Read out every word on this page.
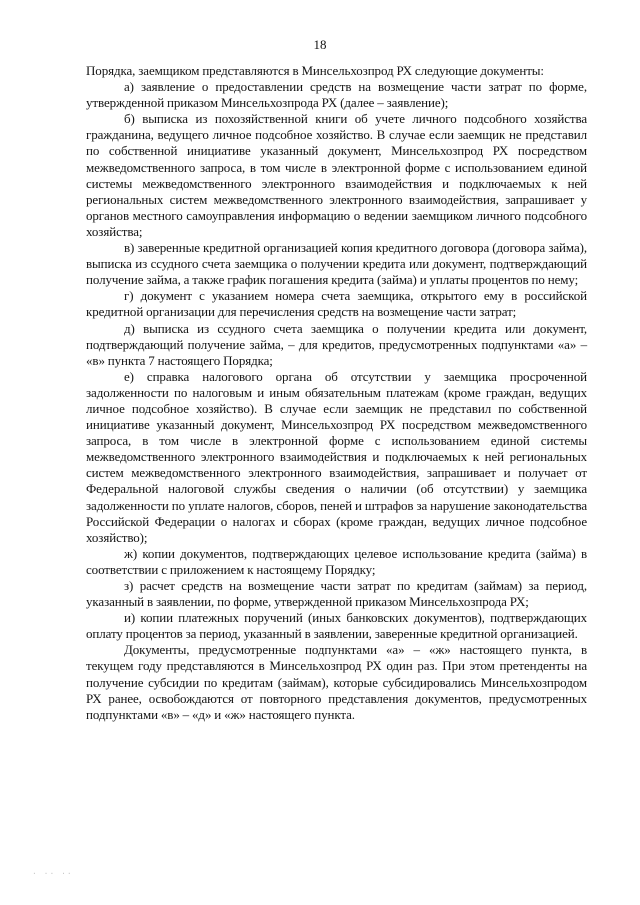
18

Порядка, заемщиком представляются в Минсельхозпрод РХ следующие документы:

а) заявление о предоставлении средств на возмещение части затрат по форме, утвержденной приказом Минсельхозпрода РХ (далее – заявление);

б) выписка из похозяйственной книги об учете личного подсобного хозяйства гражданина, ведущего личное подсобное хозяйство. В случае если заемщик не представил по собственной инициативе указанный документ, Минсельхозпрод РХ посредством межведомственного запроса, в том числе в электронной форме с использованием единой системы межведомственного электронного взаимодействия и подключаемых к ней региональных систем межведомственного электронного взаимодействия, запрашивает у органов местного самоуправления информацию о ведении заемщиком личного подсобного хозяйства;

в) заверенные кредитной организацией копия кредитного договора (договора займа), выписка из ссудного счета заемщика о получении кредита или документ, подтверждающий получение займа, а также график погашения кредита (займа) и уплаты процентов по нему;

г) документ с указанием номера счета заемщика, открытого ему в российской кредитной организации для перечисления средств на возмещение части затрат;

д) выписка из ссудного счета заемщика о получении кредита или документ, подтверждающий получение займа, – для кредитов, предусмотренных подпунктами «а» – «в» пункта 7 настоящего Порядка;

е) справка налогового органа об отсутствии у заемщика просроченной задолженности по налоговым и иным обязательным платежам (кроме граждан, ведущих личное подсобное хозяйство). В случае если заемщик не представил по собственной инициативе указанный документ, Минсельхозпрод РХ посредством межведомственного запроса, в том числе в электронной форме с использованием единой системы межведомственного электронного взаимодействия и подключаемых к ней региональных систем межведомственного электронного взаимодействия, запрашивает и получает от Федеральной налоговой службы сведения о наличии (об отсутствии) у заемщика задолженности по уплате налогов, сборов, пеней и штрафов за нарушение законодательства Российской Федерации о налогах и сборах (кроме граждан, ведущих личное подсобное хозяйство);

ж) копии документов, подтверждающих целевое использование кредита (займа) в соответствии с приложением к настоящему Порядку;

з) расчет средств на возмещение части затрат по кредитам (займам) за период, указанный в заявлении, по форме, утвержденной приказом Минсельхозпрода РХ;

и) копии платежных поручений (иных банковских документов), подтверждающих оплату процентов за период, указанный в заявлении, заверенные кредитной организацией.

Документы, предусмотренные подпунктами «а» – «ж» настоящего пункта, в текущем году представляются в Минсельхозпрод РХ один раз. При этом претенденты на получение субсидии по кредитам (займам), которые субсидировались Минсельхозпродом РХ ранее, освобождаются от повторного представления документов, предусмотренных подпунктами «в» – «д» и «ж» настоящего пункта.

· ·· ··
